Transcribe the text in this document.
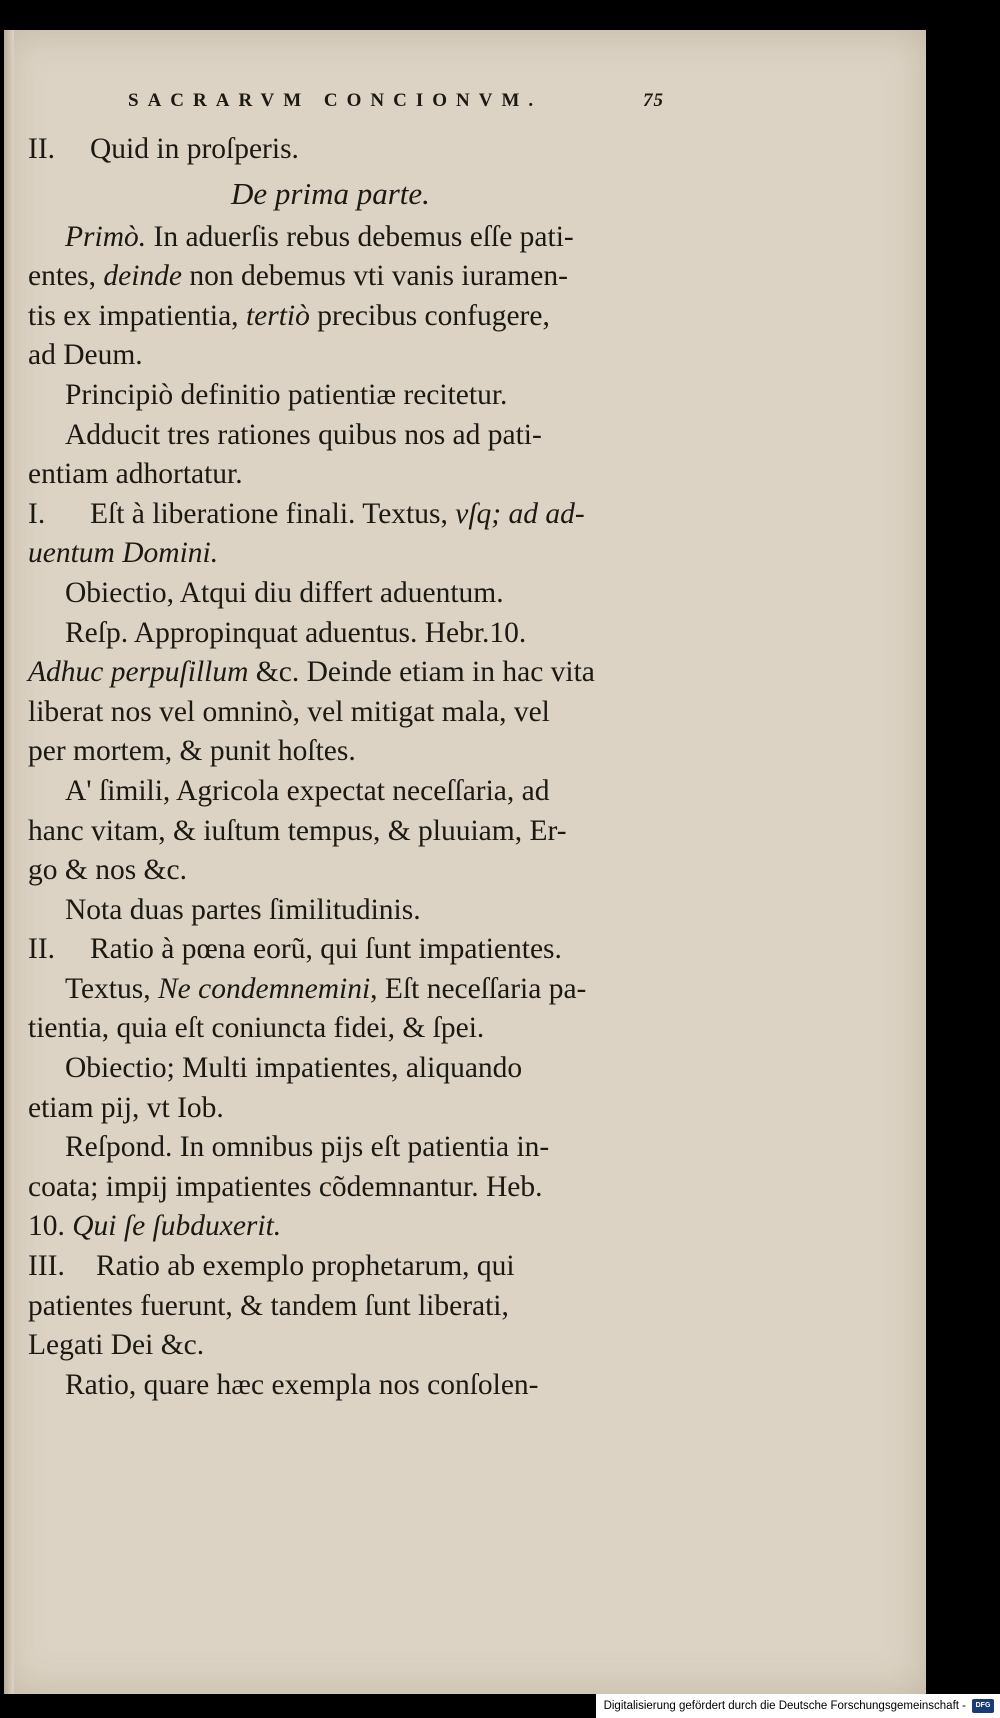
SACRARVM CONCIONVM.	75
II. Quid in proſperis.
De prima parte.
Primò. In aduerſis rebus debemus eſſe pati-
entes, deinde non debemus vti vanis iuramen-
tis ex impatientia, tertiò precibus confugere,
ad Deum.
Principiò definitio patientiæ recitetur.
Adducit tres rationes quibus nos ad pati-
entiam adhortatur.
I. Eſt à liberatione finali. Textus, vſq; ad ad-
uentum Domini.
Obiectio, Atqui diu differt aduentum.
Reſp. Appropinquat aduentus. Hebr.10.
Adhuc perpuſillum &c. Deinde etiam in hac vita
liberat nos vel omninò, vel mitigat mala, vel
per mortem, & punit hoſtes.
A' ſimili, Agricola expectat neceſſaria, ad
hanc vitam, & iuſtum tempus, & pluuiam, Er-
go & nos &c.
Nota duas partes ſimilitudinis.
II. Ratio à pœna eorũ, qui ſunt impatientes.
Textus, Ne condemnemini, Eſt neceſſaria pa-
tientia, quia eſt coniuncta fidei, & ſpei.
Obiectio; Multi impatientes, aliquando
etiam pij, vt Iob.
Reſpond. In omnibus pijs eſt patientia in-
coata; impij impatientes cõdemnantur. Heb.
10. Qui ſe ſubduxerit.
III. Ratio ab exemplo prophetarum, qui
patientes fuerunt, & tandem ſunt liberati,
Legati Dei &c.
Ratio, quare hæc exempla nos conſolen-
Digitalisierung gefördert durch die Deutsche Forschungsgemeinschaft -	DFG
